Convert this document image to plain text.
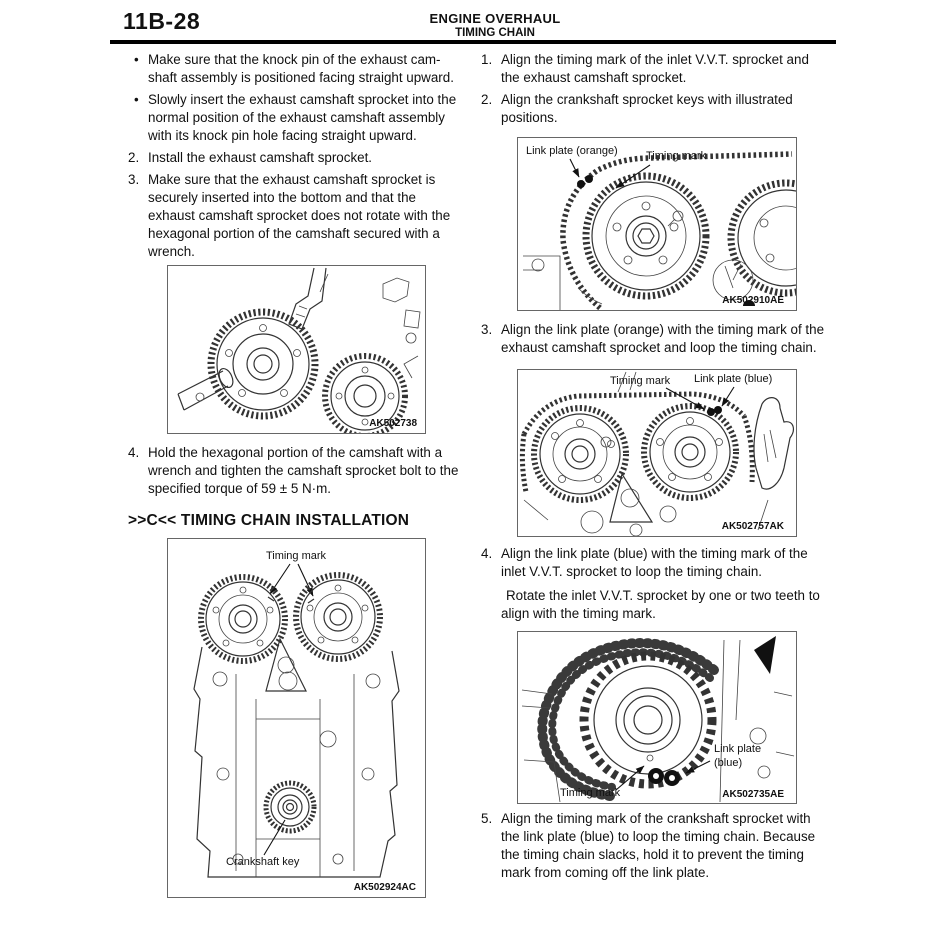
11B-28	ENGINE OVERHAUL
TIMING CHAIN
• Make sure that the knock pin of the exhaust cam-shaft assembly is positioned facing straight upward.

• Slowly insert the exhaust camshaft sprocket into the normal position of the exhaust camshaft assembly with its knock pin hole facing straight upward.

2. Install the exhaust camshaft sprocket.

3. Make sure that the exhaust camshaft sprocket is securely inserted into the bottom and that the exhaust camshaft sprocket does not rotate with the hexagonal portion of the camshaft secured with a wrench.

AK502738
4. Hold the hexagonal portion of the camshaft with a wrench and tighten the camshaft sprocket bolt to the specified torque of 59 ± 5 N·m.

>>C<< TIMING CHAIN INSTALLATION
Timing mark
Crankshaft key
AK502924AC
1. Align the timing mark of the inlet V.V.T. sprocket and the exhaust camshaft sprocket.

2. Align the crankshaft sprocket keys with illustrated positions.

Link plate (orange)	Timing mark
AK502910AE
3. Align the link plate (orange) with the timing mark of the exhaust camshaft sprocket and loop the timing chain.

Timing mark Link plate (blue)
AK502757AK
4. Align the link plate (blue) with the timing mark of the inlet V.V.T. sprocket to loop the timing chain.

Rotate the inlet V.V.T. sprocket by one or two teeth to align with the timing mark.

Timing mark
Link plate
(blue)
AK502735AE
5. Align the timing mark of the crankshaft sprocket with the link plate (blue) to loop the timing chain. Because the timing chain slacks, hold it to prevent the timing mark from coming off the link plate.
